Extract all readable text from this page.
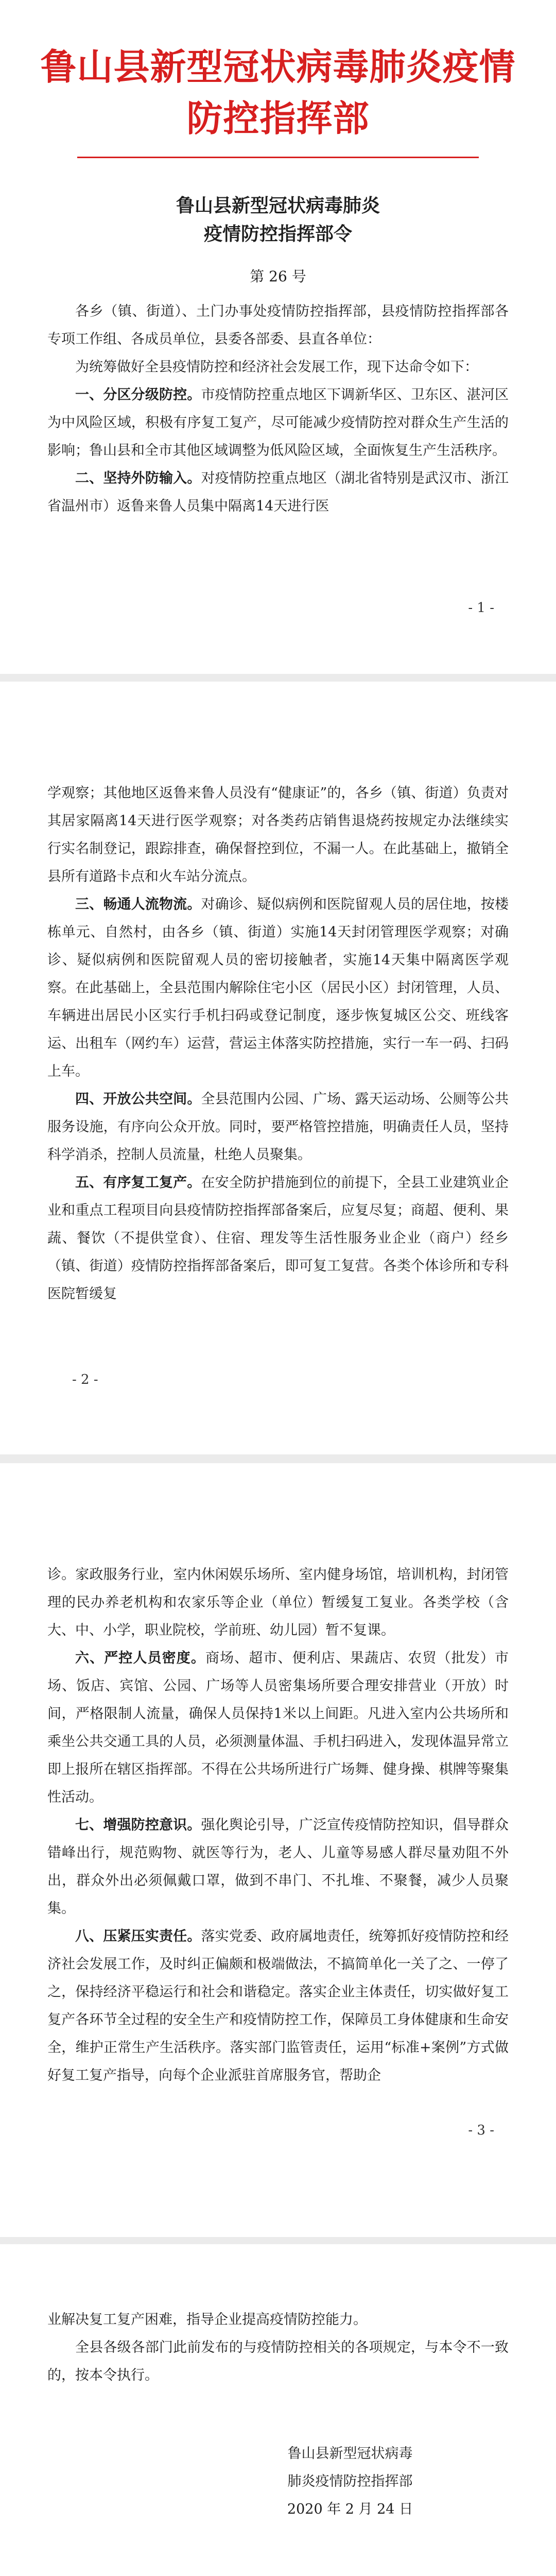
鲁山县新型冠状病毒肺炎疫情防控指挥部
鲁山县新型冠状病毒肺炎
疫情防控指挥部令
第 26 号

各乡（镇、街道）、土门办事处疫情防控指挥部，县疫情防控指挥部各专项工作组、各成员单位，县委各部委、县直各单位：

为统筹做好全县疫情防控和经济社会发展工作，现下达命令如下：

一、分区分级防控。市疫情防控重点地区下调新华区、卫东区、湛河区为中风险区域，积极有序复工复产，尽可能减少疫情防控对群众生产生活的影响；鲁山县和全市其他区域调整为低风险区域，全面恢复生产生活秩序。

二、坚持外防输入。对疫情防控重点地区（湖北省特别是武汉市、浙江省温州市）返鲁来鲁人员集中隔离14天进行医

- 1 -

学观察；其他地区返鲁来鲁人员没有“健康证”的，各乡（镇、街道）负责对其居家隔离14天进行医学观察；对各类药店销售退烧药按规定办法继续实行实名制登记，跟踪排查，确保督控到位，不漏一人。在此基础上，撤销全县所有道路卡点和火车站分流点。

三、畅通人流物流。对确诊、疑似病例和医院留观人员的居住地，按楼栋单元、自然村，由各乡（镇、街道）实施14天封闭管理医学观察；对确诊、疑似病例和医院留观人员的密切接触者，实施14天集中隔离医学观察。在此基础上，全县范围内解除住宅小区（居民小区）封闭管理，人员、车辆进出居民小区实行手机扫码或登记制度，逐步恢复城区公交、班线客运、出租车（网约车）运营，营运主体落实防控措施，实行一车一码、扫码上车。

四、开放公共空间。全县范围内公园、广场、露天运动场、公厕等公共服务设施，有序向公众开放。同时，要严格管控措施，明确责任人员，坚持科学消杀，控制人员流量，杜绝人员聚集。

五、有序复工复产。在安全防护措施到位的前提下，全县工业建筑业企业和重点工程项目向县疫情防控指挥部备案后，应复尽复；商超、便利、果蔬、餐饮（不提供堂食）、住宿、理发等生活性服务业企业（商户）经乡（镇、街道）疫情防控指挥部备案后，即可复工复营。各类个体诊所和专科医院暂缓复

- 2 -

诊。家政服务行业，室内休闲娱乐场所、室内健身场馆，培训机构，封闭管理的民办养老机构和农家乐等企业（单位）暂缓复工复业。各类学校（含大、中、小学，职业院校，学前班、幼儿园）暂不复课。

六、严控人员密度。商场、超市、便利店、果蔬店、农贸（批发）市场、饭店、宾馆、公园、广场等人员密集场所要合理安排营业（开放）时间，严格限制人流量，确保人员保持1米以上间距。凡进入室内公共场所和乘坐公共交通工具的人员，必须测量体温、手机扫码进入，发现体温异常立即上报所在辖区指挥部。不得在公共场所进行广场舞、健身操、棋牌等聚集性活动。

七、增强防控意识。强化舆论引导，广泛宣传疫情防控知识，倡导群众错峰出行，规范购物、就医等行为，老人、儿童等易感人群尽量劝阻不外出，群众外出必须佩戴口罩，做到不串门、不扎堆、不聚餐，减少人员聚集。

八、压紧压实责任。落实党委、政府属地责任，统筹抓好疫情防控和经济社会发展工作，及时纠正偏颇和极端做法，不搞简单化一关了之、一停了之，保持经济平稳运行和社会和谐稳定。落实企业主体责任，切实做好复工复产各环节全过程的安全生产和疫情防控工作，保障员工身体健康和生命安全，维护正常生产生活秩序。落实部门监管责任，运用“标准+案例”方式做好复工复产指导，向每个企业派驻首席服务官，帮助企

- 3 -

业解决复工复产困难，指导企业提高疫情防控能力。

全县各级各部门此前发布的与疫情防控相关的各项规定，与本令不一致的，按本令执行。

鲁山县新型冠状病毒
肺炎疫情防控指挥部
2020 年 2 月 24 日
